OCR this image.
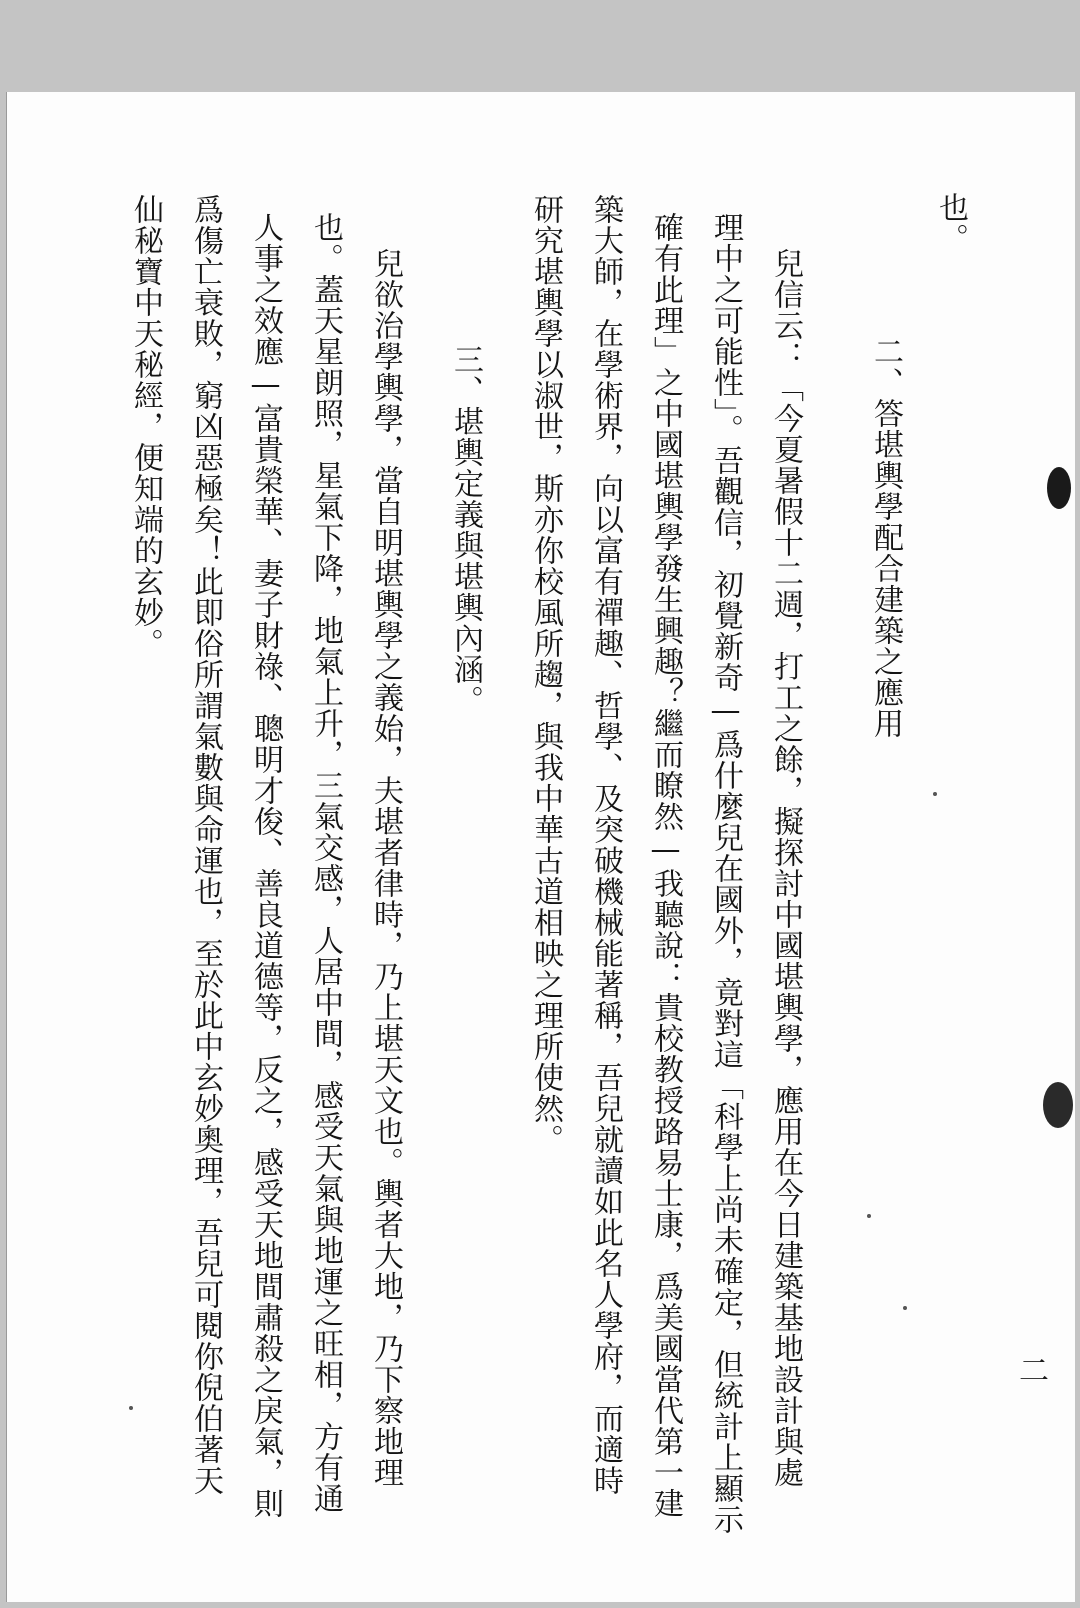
也。
二、答堪輿學配合建築之應用
兒信云：「今夏暑假十二週，打工之餘，擬探討中國堪輿學，應用在今日建築基地設計與處
理中之可能性」。吾觀信，初覺新奇—爲什麼兒在國外，竟對這「科學上尚未確定，但統計上顯示
確有此理」之中國堪輿學發生興趣？繼而瞭然—我聽說：貴校教授路易士康，爲美國當代第一建
築大師，在學術界，向以富有禪趣、哲學、及突破機械能著稱，吾兒就讀如此名人學府，而適時
研究堪輿學以淑世，斯亦你校風所趨，與我中華古道相映之理所使然。
三、堪輿定義與堪輿內涵。
兒欲治學輿學，當自明堪輿學之義始，夫堪者律時，乃上堪天文也。輿者大地，乃下察地理
也。蓋天星朗照，星氣下降，地氣上升，三氣交感，人居中間，感受天氣與地運之旺相，方有通
人事之效應—富貴榮華、妻子財祿、聰明才俊、善良道德等，反之，感受天地間肅殺之戾氣，則
爲傷亡衰敗，窮凶惡極矣！此即俗所謂氣數與命運也，至於此中玄妙奧理，吾兒可閱你倪伯著天
仙秘寶中天秘經，便知端的玄妙。
二
